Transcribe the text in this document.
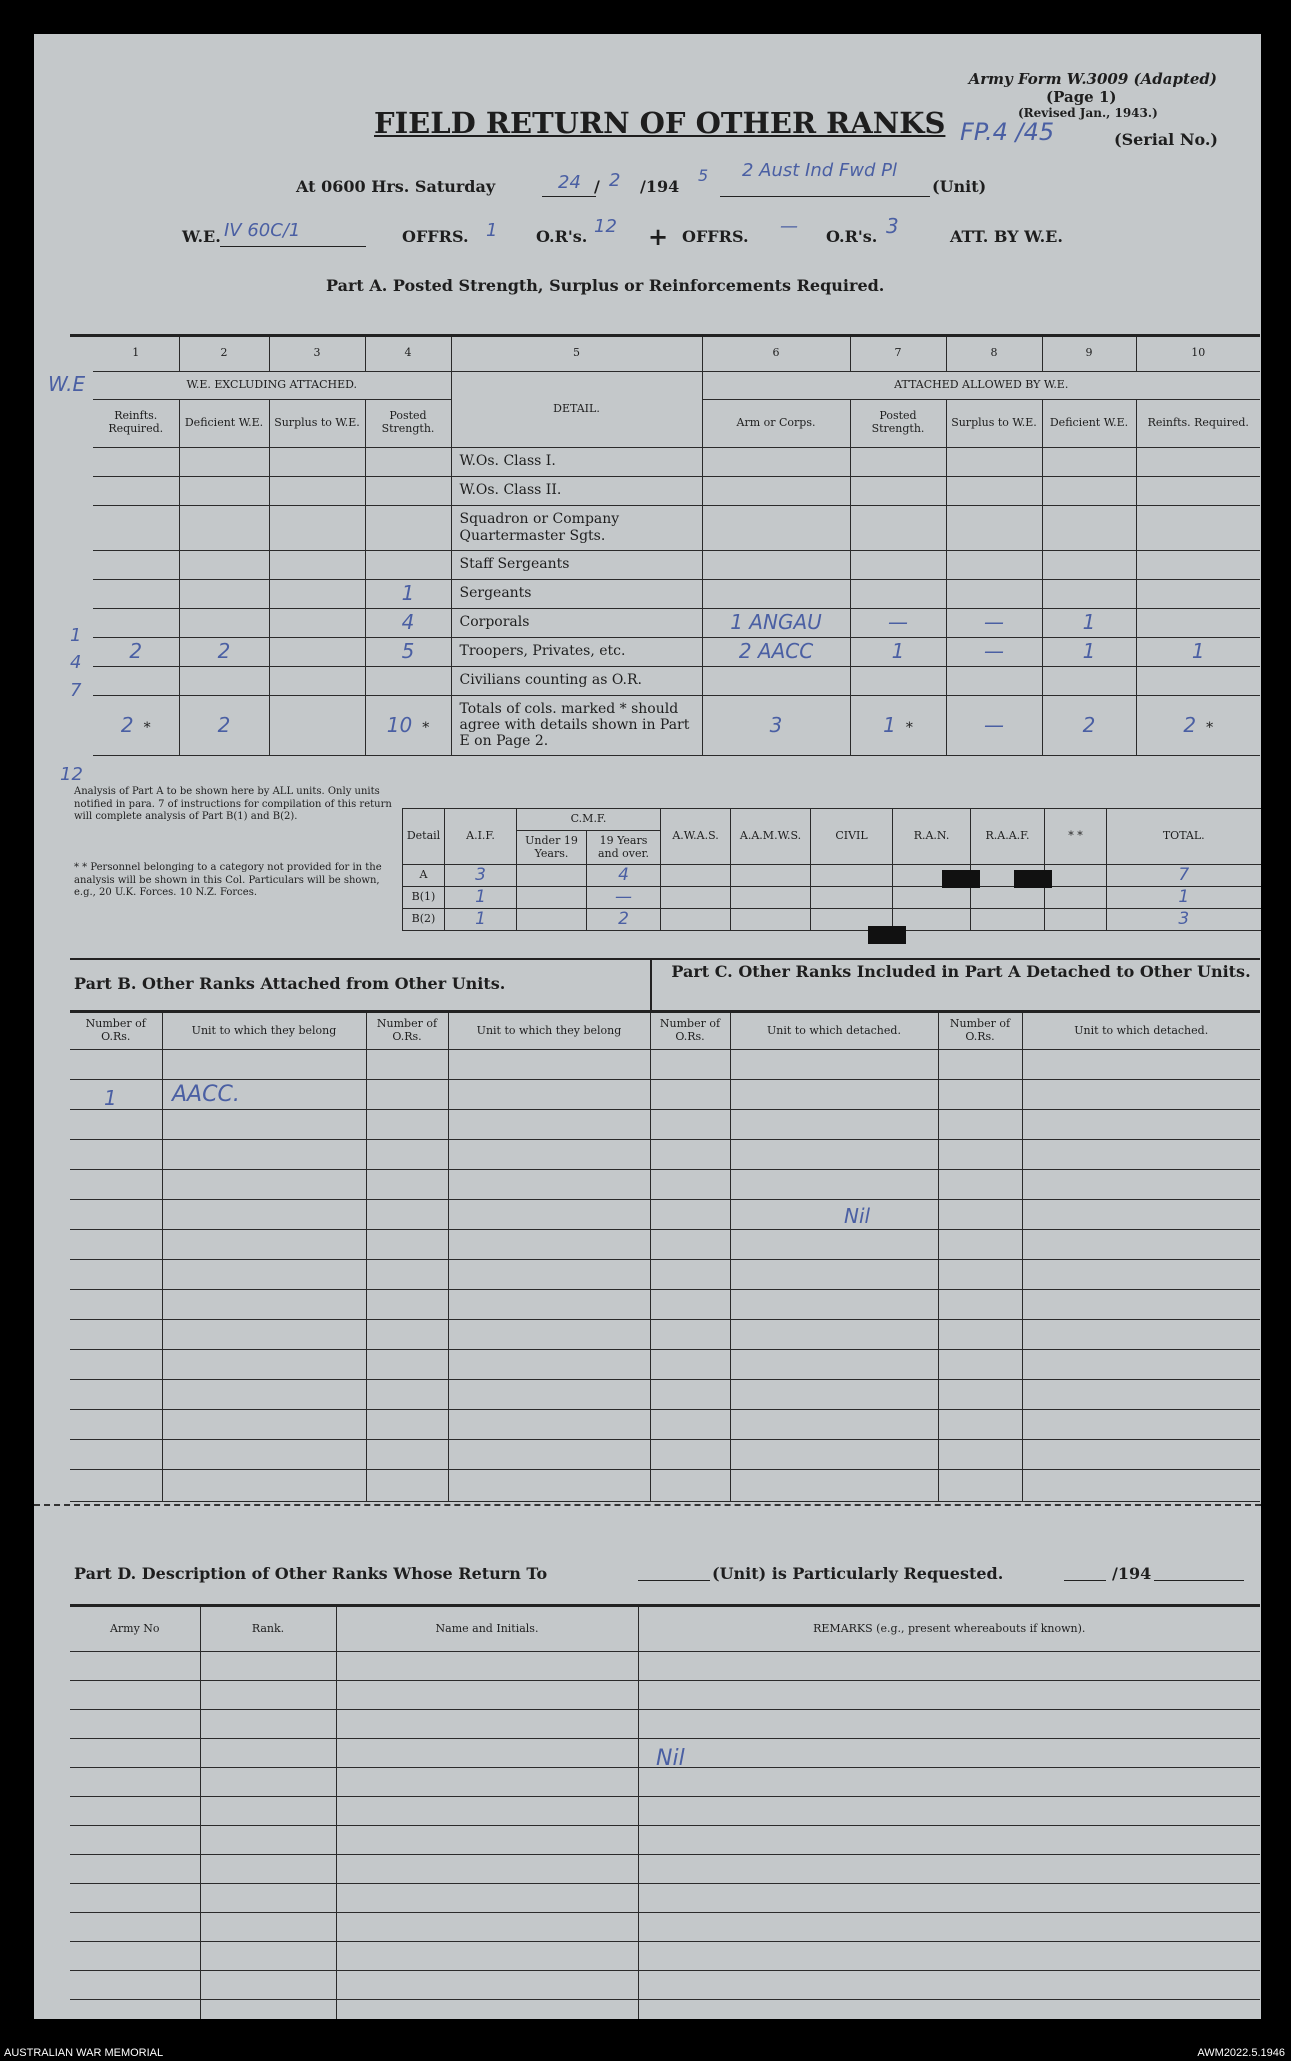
Army Form W.3009 (Adapted)
(Page 1)
(Revised Jan., 1943.)
FIELD RETURN OF OTHER RANKS FP.4 /45	(Serial No.)
At 0600 Hrs. Saturday	24 / 2 /194
5 2 Aust Ind Fwd Pl
(Unit)
W.E. IV 60C/1	OFFRS. 1 O.R's. 12 + OFFRS. — O.R's. 3	ATT. BY W.E.
Part A. Posted Strength, Surplus or Reinforcements Required.
	1	2	3	4	5	6	7	8	9	10
	W.E. EXCLUDING ATTACHED.				DETAIL.	ATTACHED ALLOWED BY W.E.				
	Reinfts. Required.	Deficient W.E.	Surplus to W.E.	Posted Strength.		Arm or Corps.	Posted Strength.	Surplus to W.E.	Deficient W.E.	Reinfts. Required.
					W.Os. Class I.					
					W.Os. Class II.					
					Squadron or Company Quartermaster Sgts.					
					Staff Sergeants					
				1	Sergeants					
				4	Corporals	1 ANGAU	—	—	1	
	2	2		5	Troopers, Privates, etc.	2 AACC	1	—	1	1
					Civilians counting as O.R.					
	2 *	2		10 *	Totals of cols. marked * should agree with details shown in Part E on Page 2.	3	1 *	—	2	2 *
W.E
1
4
7
12
Analysis of Part A to be shown here by ALL units. Only units notified in para. 7 of instructions for compilation of this return will complete analysis of Part B(1) and B(2).
* * Personnel belonging to a category not provided for in the analysis will be shown in this Col. Particulars will be shown, e.g., 20 U.K. Forces. 10 N.Z. Forces.
Detail	A.I.F.	C.M.F.		A.W.A.S.	A.A.M.W.S.	CIVIL	R.A.N.	R.A.A.F.	* *	TOTAL.
		Under 19 Years.	19 Years and over.							
A	3		4							7
B(1)	1		—							1
B(2)	1		2							3
Part B. Other Ranks Attached from Other Units.
Part C. Other Ranks Included in Part A Detached to Other Units.
Number of O.Rs.	Unit to which they belong	Number of O.Rs.	Unit to which they belong	Number of O.Rs.	Unit to which detached.	Number of O.Rs.	Unit to which detached.

1	AACC.
Nil
Part D. Description of Other Ranks Whose Return To	(Unit) is Particularly Requested.	/194
Army No	Rank.	Name and Initials.	REMARKS (e.g., present whereabouts if known).

Nil
AUSTRALIAN WAR MEMORIAL	AWM2022.5.1946
